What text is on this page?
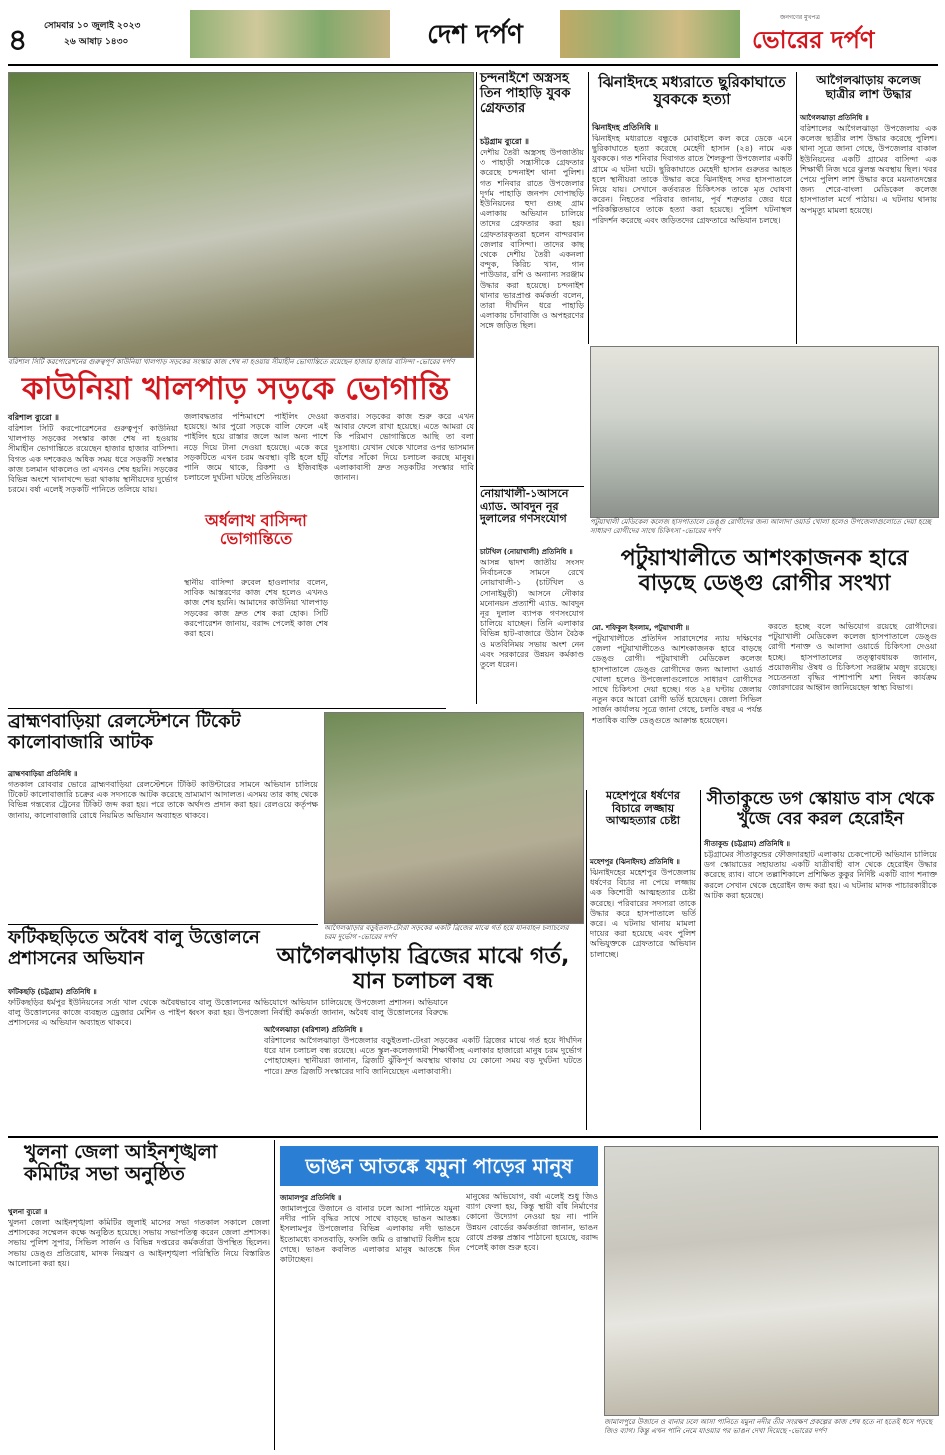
৪ সোমবার ১০ জুলাই ২০২৩
২৬ আষাঢ় ১৪৩০	দেশ দর্পণ
জনগণের মুখপত্র
ভোরের দর্পণ
বরিশাল সিটি করপোরেশনের গুরুত্বপূর্ণ কাউনিয়া খালপাড় সড়কের সংস্কার কাজ শেষ না হওয়ায় সীমাহীন ভোগান্তিতে রয়েছেন হাজার হাজার বাসিন্দা -ভোরের দর্পণ
কাউনিয়া খালপাড় সড়কে ভোগান্তি
বরিশাল ব্যুরো ॥
বরিশাল সিটি করপোরেশনের গুরুত্বপূর্ণ কাউনিয়া খালপাড় সড়কের সংস্কার কাজ শেষ না হওয়ায় সীমাহীন ভোগান্তিতে রয়েছেন হাজার হাজার বাসিন্দা। বিগত এক দশকেরও অধিক সময় ধরে সড়কটি সংস্কার কাজ চলমান থাকলেও তা এখনও শেষ হয়নি। সড়কের বিভিন্ন অংশে খানাখন্দে ভরা থাকায় স্থানীয়দের দুর্ভোগ চরমে। বর্ষা এলেই সড়কটি পানিতে তলিয়ে যায়।
জলাবদ্ধতার পশ্চিমাংশে পাইলিং দেওয়া হয়েছে। আর পুরো সড়কে বালি ফেলে এই পাইলিং হয়ে রাস্তার জলে আল অন্য পাশে নড়ে দিয়ে টানা দেওয়া হয়েছে। একে করে সড়কটিতে এখন চরম অবস্থা। বৃষ্টি হলে হাঁটু পানি জমে থাকে, রিকশা ও ইজিবাইক চলাচলে দুর্ঘটনা ঘটছে প্রতিনিয়ত।
অর্ধলাখ বাসিন্দা ভোগান্তিতে
স্থানীয় বাসিন্দা রুবেল হাওলাদার বলেন, সাবিক আস্তরণের কাজ শেষ হলেও এখনও কাজ শেষ হয়নি। আমাদের কাউনিয়া খালপাড় সড়কের কাজ দ্রুত শেষ করা হোক। সিটি করপোরেশন জানায়, বরাদ্দ পেলেই কাজ শেষ করা হবে।
কতবার। সড়কের কাজ শুরু করে এখন আবার ফেলে রাখা হয়েছে। এতে আমরা যে কি পরিমাণ ভোগান্তিতে আছি তা বলা দুঃসাধ্য। যেখান থেকে খালের ওপর ভাসমান বাঁশের সাঁকো দিয়ে চলাচল করছে মানুষ। এলাকাবাসী দ্রুত সড়কটির সংস্কার দাবি জানান।
চন্দনাইশে অস্ত্রসহ তিন পাহাড়ি যুবক গ্রেফতার
চট্টগ্রাম ব্যুরো ॥
দেশীয় তৈরী অস্ত্রসহ উপজাতীয় ৩ পাহাড়ী সন্ত্রাসীকে গ্রেফতার করেছে চন্দনাইশ থানা পুলিশ। গত শনিবার রাতে উপজেলার দূর্গম পাহাড়ি জনপদ দোপাছড়ি ইউনিয়নের হুদা গুচ্ছ গ্রাম এলাকায় অভিযান চালিয়ে তাদের গ্রেফতার করা হয়। গ্রেফতারকৃতরা হলেন বান্দরবান জেলার বাসিন্দা। তাদের কাছ থেকে দেশীয় তৈরী একনলা বন্দুক, কিরিচ খান, গান পাউডার, রশি ও অন্যান্য সরঞ্জাম উদ্ধার করা হয়েছে। চন্দনাইশ থানার ভারপ্রাপ্ত কর্মকর্তা বলেন, তারা দীর্ঘদিন ধরে পাহাড়ি এলাকায় চাঁদাবাজি ও অপহরণের সঙ্গে জড়িত ছিল।
নোয়াখালী-১আসনে এ্যাড. আবদুন নূর দুলালের গণসংযোগ
চাটখিল (নোয়াখালী) প্রতিনিধি ॥
আসন্ন দ্বাদশ জাতীয় সংসদ নির্বাচনকে সামনে রেখে নোয়াখালী-১ (চাটখিল ও সোনাইমুড়ী) আসনে নৌকার মনোনয়ন প্রত্যাশী এ্যাড. আবদুন নূর দুলাল ব্যাপক গণসংযোগ চালিয়ে যাচ্ছেন। তিনি এলাকার বিভিন্ন হাট-বাজারে উঠান বৈঠক ও মতবিনিময় সভায় অংশ নেন এবং সরকারের উন্নয়ন কর্মকাণ্ড তুলে ধরেন।
ঝিনাইদহে মধ্যরাতে ছুরিকাঘাতে যুবককে হত্যা
ঝিনাইদহ প্রতিনিধি ॥
ঝিনাইদহ মধ্যরাতে বন্ধুকে মোবাইলে কল করে ডেকে এনে ছুরিকাঘাতে হত্যা করেছে মেহেদী হাসান (২৪) নামে এক যুবককে। গত শনিবার দিবাগত রাতে শৈলকুপা উপজেলার একটি গ্রামে এ ঘটনা ঘটে। ছুরিকাঘাতে মেহেদী হাসান গুরুতর আহত হলে স্থানীয়রা তাকে উদ্ধার করে ঝিনাইদহ সদর হাসপাতালে নিয়ে যায়। সেখানে কর্তব্যরত চিকিৎসক তাকে মৃত ঘোষণা করেন। নিহতের পরিবার জানায়, পূর্ব শত্রুতার জের ধরে পরিকল্পিতভাবে তাকে হত্যা করা হয়েছে। পুলিশ ঘটনাস্থল পরিদর্শন করেছে এবং জড়িতদের গ্রেফতারে অভিযান চলছে।
আগৈলঝাড়ায় কলেজ ছাত্রীর লাশ উদ্ধার
আগৈলঝাড়া প্রতিনিধি ॥
বরিশালের আগৈলঝাড়া উপজেলায় এক কলেজ ছাত্রীর লাশ উদ্ধার করেছে পুলিশ। থানা সূত্রে জানা গেছে, উপজেলার বাকাল ইউনিয়নের একটি গ্রামের বাসিন্দা এক শিক্ষার্থী নিজ ঘরে ঝুলন্ত অবস্থায় ছিল। খবর পেয়ে পুলিশ লাশ উদ্ধার করে ময়নাতদন্তের জন্য শেরে-বাংলা মেডিকেল কলেজ হাসপাতাল মর্গে পাঠায়। এ ঘটনায় থানায় অপমৃত্যু মামলা হয়েছে।
পটুয়াখালী মেডিকেল কলেজ হাসপাতালে ডেঙ্গু রোগীদের জন্য আলাদা ওয়ার্ড খোলা হলেও উপজেলাগুলোতে দেয়া হচ্ছে সাধারণ রোগীদের সাথে চিকিৎসা -ভোরের দর্পণ
পটুয়াখালীতে আশংকাজনক হারে বাড়ছে ডেঙ্গু রোগীর সংখ্যা
মো. শফিকুল ইসলাম, পটুয়াখালী ॥
পটুয়াখালীতে প্রতিদিন সারাদেশের ন্যায় দক্ষিণের জেলা পটুয়াখালীতেও আশংকাজনক হারে বাড়ছে ডেঙ্গু রোগী। পটুয়াখালী মেডিকেল কলেজ হাসপাতালে ডেঙ্গু রোগীদের জন্য আলাদা ওয়ার্ড খোলা হলেও উপজেলাগুলোতে সাধারণ রোগীদের সাথে চিকিৎসা দেয়া হচ্ছে। গত ২৪ ঘণ্টায় জেলায় নতুন করে আরো রোগী ভর্তি হয়েছেন। জেলা সিভিল সার্জন কার্যালয় সূত্রে জানা গেছে, চলতি বছর এ পর্যন্ত শতাধিক ব্যক্তি ডেঙ্গুতে আক্রান্ত হয়েছেন।
করতে হচ্ছে বলে অভিযোগ রয়েছে রোগীদের। পটুয়াখালী মেডিকেল কলেজ হাসপাতালে ডেঙ্গু রোগী শনাক্ত ও আলাদা ওয়ার্ডে চিকিৎসা দেওয়া হচ্ছে। হাসপাতালের তত্ত্বাবধায়ক জানান, প্রয়োজনীয় ঔষধ ও চিকিৎসা সরঞ্জাম মজুদ রয়েছে। সচেতনতা বৃদ্ধির পাশাপাশি মশা নিধন কার্যক্রম জোরদারের আহ্বান জানিয়েছেন স্বাস্থ্য বিভাগ।
ব্রাহ্মণবাড়িয়া রেলস্টেশনে টিকেট কালোবাজারি আটক
ব্রাহ্মণবাড়িয়া প্রতিনিধি ॥
গতকাল রোববার ভোরে ব্রাহ্মণবাড়িয়া রেলস্টেশনে টিকিট কাউন্টারের সামনে অভিযান চালিয়ে টিকেট কালোবাজারি চক্রের এক সদস্যকে আটক করেছে ভ্রাম্যমাণ আদালত। এসময় তার কাছ থেকে বিভিন্ন গন্তব্যের ট্রেনের টিকিট জব্দ করা হয়। পরে তাকে অর্থদণ্ড প্রদান করা হয়। রেলওয়ে কর্তৃপক্ষ জানায়, কালোবাজারি রোধে নিয়মিত অভিযান অব্যাহত থাকবে।
ফটিকছড়িতে অবৈধ বালু উত্তোলনে প্রশাসনের অভিযান
ফটিকছড়ি (চট্টগ্রাম) প্রতিনিধি ॥
ফটিকছড়ির ধর্মপুর ইউনিয়নের সর্তা খাল থেকে অবৈধভাবে বালু উত্তোলনের অভিযোগে অভিযান চালিয়েছে উপজেলা প্রশাসন। অভিযানে বালু উত্তোলনের কাজে ব্যবহৃত ড্রেজার মেশিন ও পাইপ ধ্বংস করা হয়। উপজেলা নির্বাহী কর্মকর্তা জানান, অবৈধ বালু উত্তোলনের বিরুদ্ধে প্রশাসনের এ অভিযান অব্যাহত থাকবে।
আগৈলঝাড়ার বড়ুইতলা-টেংরা সড়কের একটি ব্রিজের মাঝে গর্ত হয়ে যানবাহন চলাচলের চরম দুর্ভোগ -ভোরের দর্পণ
মহেশপুরে ধর্ষণের বিচারে লজ্জায় আত্মহত্যার চেষ্টা
মহেশপুর (ঝিনাইদহ) প্রতিনিধি ॥
ঝিনাইদহের মহেশপুর উপজেলায় ধর্ষণের বিচার না পেয়ে লজ্জায় এক কিশোরী আত্মহত্যার চেষ্টা করেছে। পরিবারের সদস্যরা তাকে উদ্ধার করে হাসপাতালে ভর্তি করে। এ ঘটনায় থানায় মামলা দায়ের করা হয়েছে এবং পুলিশ অভিযুক্তকে গ্রেফতারে অভিযান চালাচ্ছে।
সীতাকুন্ডে ডগ স্কোয়াড বাস থেকে খুঁজে বের করল হেরোইন
সীতাকুন্ড (চট্টগ্রাম) প্রতিনিধি ॥
চট্টগ্রামের সীতাকুন্ডের ফৌজদারহাট এলাকায় চেকপোস্টে অভিযান চালিয়ে ডগ স্কোয়াডের সহায়তায় একটি যাত্রীবাহী বাস থেকে হেরোইন উদ্ধার করেছে র‌্যাব। বাসে তল্লাশিকালে প্রশিক্ষিত কুকুর নির্দিষ্ট একটি ব্যাগ শনাক্ত করলে সেখান থেকে হেরোইন জব্দ করা হয়। এ ঘটনায় মাদক পাচারকারীকে আটক করা হয়েছে।
আগৈলঝাড়ায় ব্রিজের মাঝে গর্ত, যান চলাচল বন্ধ
আগৈলঝাড়া (বরিশাল) প্রতিনিধি ॥
বরিশালের আগৈলঝাড়া উপজেলার বড়ুইতলা-টেংরা সড়কের একটি ব্রিজের মাঝে গর্ত হয়ে দীর্ঘদিন ধরে যান চলাচল বন্ধ রয়েছে। এতে স্কুল-কলেজগামী শিক্ষার্থীসহ এলাকার হাজারো মানুষ চরম দুর্ভোগ পোহাচ্ছেন। স্থানীয়রা জানান, ব্রিজটি ঝুঁকিপূর্ণ অবস্থায় থাকায় যে কোনো সময় বড় দুর্ঘটনা ঘটতে পারে। দ্রুত ব্রিজটি সংস্কারের দাবি জানিয়েছেন এলাকাবাসী।
খুলনা জেলা আইনশৃঙ্খলা কমিটির সভা অনুষ্ঠিত
খুলনা ব্যুরো ॥
খুলনা জেলা আইনশৃঙ্খলা কমিটির জুলাই মাসের সভা গতকাল সকালে জেলা প্রশাসকের সম্মেলন কক্ষে অনুষ্ঠিত হয়েছে। সভায় সভাপতিত্ব করেন জেলা প্রশাসক। সভায় পুলিশ সুপার, সিভিল সার্জন ও বিভিন্ন দপ্তরের কর্মকর্তারা উপস্থিত ছিলেন। সভায় ডেঙ্গু প্রতিরোধ, মাদক নিয়ন্ত্রণ ও আইনশৃঙ্খলা পরিস্থিতি নিয়ে বিস্তারিত আলোচনা করা হয়।
ভাঙন আতঙ্কে যমুনা পাড়ের মানুষ
জামালপুর প্রতিনিধি ॥
জামালপুরে উজানে ও বানার ঢলে আসা পানিতে যমুনা নদীর পানি বৃদ্ধির সাথে সাথে বাড়ছে ভাঙন আতঙ্ক। ইসলামপুর উপজেলার বিভিন্ন এলাকায় নদী ভাঙনে ইতোমধ্যে বসতবাড়ি, ফসলি জমি ও রাস্তাঘাট বিলীন হয়ে গেছে। ভাঙন কবলিত এলাকার মানুষ আতঙ্কে দিন কাটাচ্ছেন।
মানুষের অভিযোগ, বর্ষা এলেই শুধু জিও ব্যাগ ফেলা হয়, কিন্তু স্থায়ী বাঁধ নির্মাণের কোনো উদ্যোগ নেওয়া হয় না। পানি উন্নয়ন বোর্ডের কর্মকর্তারা জানান, ভাঙন রোধে প্রকল্প প্রস্তাব পাঠানো হয়েছে, বরাদ্দ পেলেই কাজ শুরু হবে।
জামালপুরে উজানে ও বানার ঢলে আসা পানিতে যমুনা নদীর তীর সংরক্ষণ প্রকল্পের কাজ শেষ হতে না হতেই ধসে পড়ছে জিও ব্যাগ। কিন্তু এখন পানি নেমে যাওয়ার পর ভাঙন দেখা দিয়েছে -ভোরের দর্পণ
